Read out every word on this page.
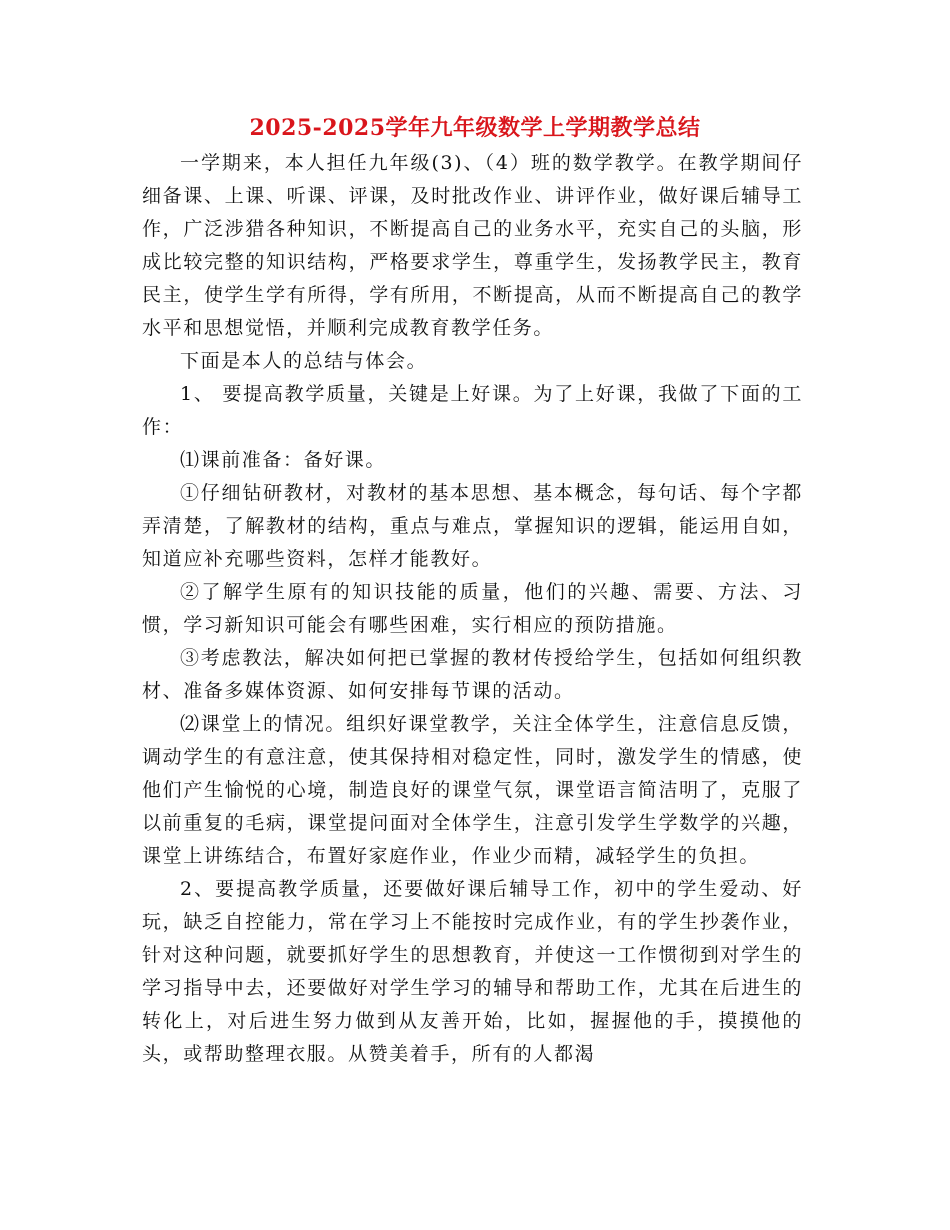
2025-2025学年九年级数学上学期教学总结

一学期来，本人担任九年级(3)、（4）班的数学教学。在教学期间仔细备课、上课、听课、评课，及时批改作业、讲评作业，做好课后辅导工作，广泛涉猎各种知识，不断提高自己的业务水平，充实自己的头脑，形成比较完整的知识结构，严格要求学生，尊重学生，发扬教学民主，教育民主，使学生学有所得，学有所用，不断提高，从而不断提高自己的教学水平和思想觉悟，并顺利完成教育教学任务。

下面是本人的总结与体会。

1、 要提高教学质量，关键是上好课。为了上好课，我做了下面的工作：

⑴课前准备：备好课。

①仔细钻研教材，对教材的基本思想、基本概念，每句话、每个字都弄清楚，了解教材的结构，重点与难点，掌握知识的逻辑，能运用自如，知道应补充哪些资料，怎样才能教好。

②了解学生原有的知识技能的质量，他们的兴趣、需要、方法、习惯，学习新知识可能会有哪些困难，实行相应的预防措施。

③考虑教法，解决如何把已掌握的教材传授给学生，包括如何组织教材、准备多媒体资源、如何安排每节课的活动。

⑵课堂上的情况。组织好课堂教学，关注全体学生，注意信息反馈，调动学生的有意注意，使其保持相对稳定性，同时，激发学生的情感，使他们产生愉悦的心境，制造良好的课堂气氛，课堂语言简洁明了，克服了以前重复的毛病，课堂提问面对全体学生，注意引发学生学数学的兴趣，课堂上讲练结合，布置好家庭作业，作业少而精，减轻学生的负担。

2、要提高教学质量，还要做好课后辅导工作，初中的学生爱动、好玩，缺乏自控能力，常在学习上不能按时完成作业，有的学生抄袭作业，针对这种问题，就要抓好学生的思想教育，并使这一工作惯彻到对学生的学习指导中去，还要做好对学生学习的辅导和帮助工作，尤其在后进生的转化上，对后进生努力做到从友善开始，比如，握握他的手，摸摸他的头，或帮助整理衣服。从赞美着手，所有的人都渴
